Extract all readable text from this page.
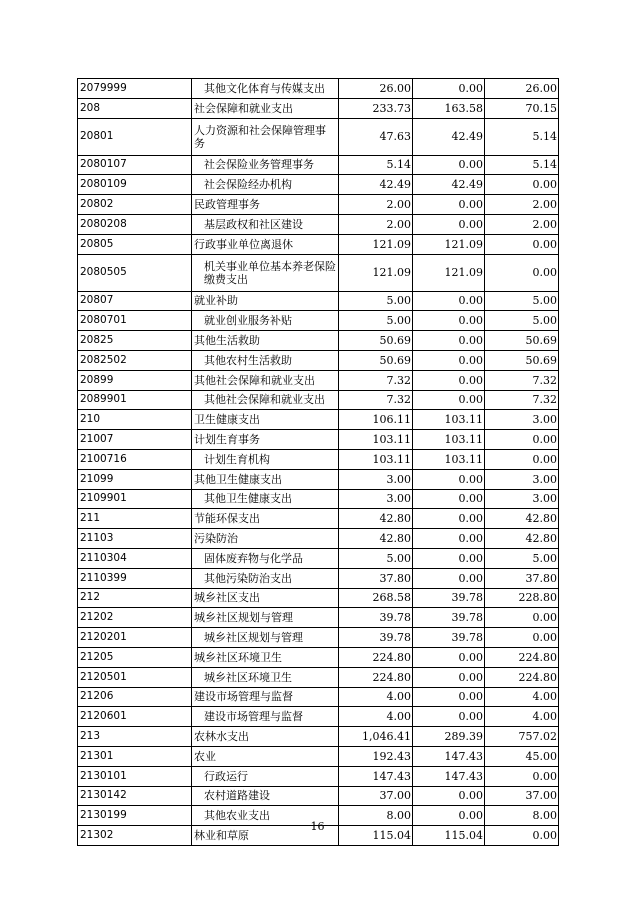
2079999	其他文化体育与传媒支出	26.00	0.00	26.00
208	社会保障和就业支出	233.73	163.58	70.15
20801	人力资源和社会保障管理事务	47.63	42.49	5.14
2080107	社会保险业务管理事务	5.14	0.00	5.14
2080109	社会保险经办机构	42.49	42.49	0.00
20802	民政管理事务	2.00	0.00	2.00
2080208	基层政权和社区建设	2.00	0.00	2.00
20805	行政事业单位离退休	121.09	121.09	0.00
2080505	机关事业单位基本养老保险缴费支出	121.09	121.09	0.00
20807	就业补助	5.00	0.00	5.00
2080701	就业创业服务补贴	5.00	0.00	5.00
20825	其他生活救助	50.69	0.00	50.69
2082502	其他农村生活救助	50.69	0.00	50.69
20899	其他社会保障和就业支出	7.32	0.00	7.32
2089901	其他社会保障和就业支出	7.32	0.00	7.32
210	卫生健康支出	106.11	103.11	3.00
21007	计划生育事务	103.11	103.11	0.00
2100716	计划生育机构	103.11	103.11	0.00
21099	其他卫生健康支出	3.00	0.00	3.00
2109901	其他卫生健康支出	3.00	0.00	3.00
211	节能环保支出	42.80	0.00	42.80
21103	污染防治	42.80	0.00	42.80
2110304	固体废弃物与化学品	5.00	0.00	5.00
2110399	其他污染防治支出	37.80	0.00	37.80
212	城乡社区支出	268.58	39.78	228.80
21202	城乡社区规划与管理	39.78	39.78	0.00
2120201	城乡社区规划与管理	39.78	39.78	0.00
21205	城乡社区环境卫生	224.80	0.00	224.80
2120501	城乡社区环境卫生	224.80	0.00	224.80
21206	建设市场管理与监督	4.00	0.00	4.00
2120601	建设市场管理与监督	4.00	0.00	4.00
213	农林水支出	1,046.41	289.39	757.02
21301	农业	192.43	147.43	45.00
2130101	行政运行	147.43	147.43	0.00
2130142	农村道路建设	37.00	0.00	37.00
2130199	其他农业支出	8.00	0.00	8.00
21302	林业和草原	115.04	115.04	0.00
16
